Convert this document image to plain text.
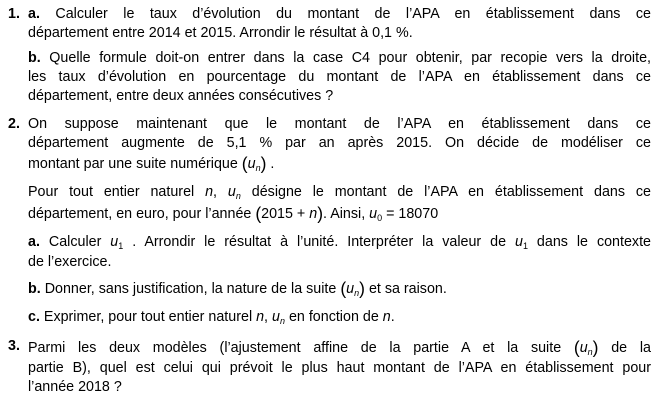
1. a. Calculer le taux d’évolution du montant de l’APA en établissement dans ce
département entre 2014 et 2015. Arrondir le résultat à 0,1 %.
b. Quelle formule doit-on entrer dans la case C4 pour obtenir, par recopie vers la droite,
les taux d’évolution en pourcentage du montant de l’APA en établissement dans ce
département, entre deux années consécutives ?
2. On suppose maintenant que le montant de l’APA en établissement dans ce
département augmente de 5,1 % par an après 2015. On décide de modéliser ce
montant par une suite numérique $(u_n)$ .
Pour tout entier naturel n, $u_n$ désigne le montant de l’APA en établissement dans ce
département, en euro, pour l’année (2015 + n). Ainsi, $u_0 = 18070$
a. Calculer $u_1$ . Arrondir le résultat à l’unité. Interpréter la valeur de $u_1$ dans le contexte
de l’exercice.
b. Donner, sans justification, la nature de la suite $(u_n)$ et sa raison.
c. Exprimer, pour tout entier naturel n, $u_n$ en fonction de n.
3. Parmi les deux modèles (l’ajustement affine de la partie A et la suite $(u_n)$ de la
partie B), quel est celui qui prévoit le plus haut montant de l’APA en établissement pour
l’année 2018 ?
